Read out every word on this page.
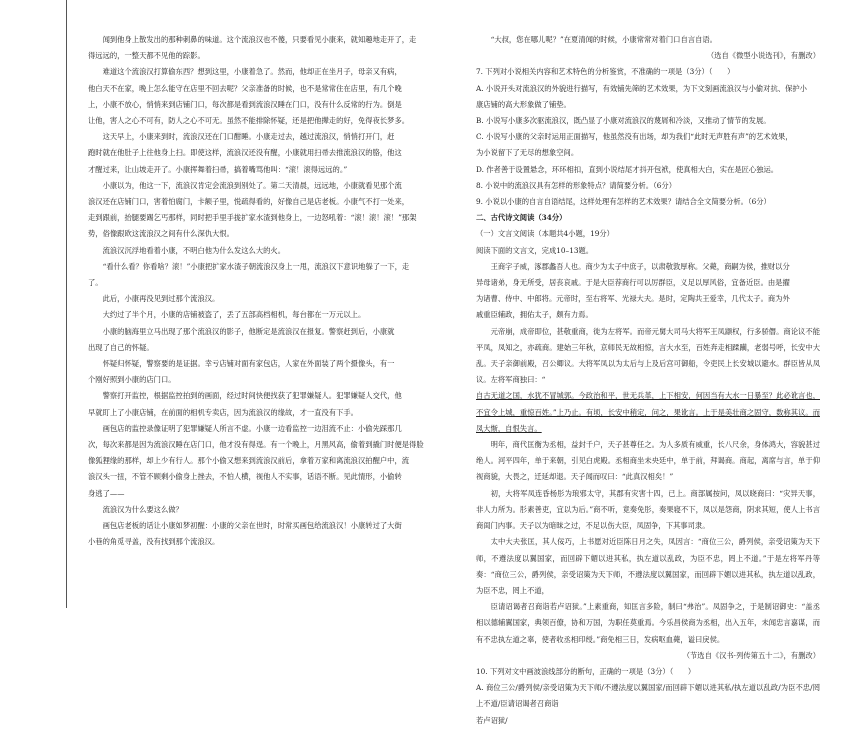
闻到他身上散发出的那种刺鼻的味道。这个流浪汉也不傻，只要看见小康来，就知趣地走开了，走
得远远的，一整天都不见他的踪影。

难道这个流浪汉打算偷东西？想到这里，小康着急了。然而，他却正在坐月子，母亲又有病，
他白天不在家，晚上怎么能守在店里不回去呢？父亲准备的时候，也不是常常住在店里，有几个晚
上，小康不放心，悄悄来到店铺门口，每次都是看到流浪汉睡在门口，没有什么反常的行为。倒是
让他，害人之心不可有，防人之心不可无。虽然不能排除怀疑，还是把他撵走的好，免得夜长梦多。

这天早上，小康来到时，流浪汉还在门口酣睡。小康走过去，越过流浪汉，悄悄打开门，赶
跑时就在他肚子上往他身上扫。即使这样，流浪汉还没有醒，小康就用扫帚去推流浪汉的胳，他这
才醒过来，让山坡走开了。小康挥舞着扫帚，搞着嘴骂他叫：“滚！滚得远远的。”

小康以为，他这一下，流浪汉肯定会流浪到别处了。第二天清晨，远远地，小康就看见那个流
浪汉还在店铺门口，害着怕腐门，卡额子里，悦疏得看的，好像自己是店老板。小康气不打一处来，
走到跟前，抬腿要踢乞丐那样，同时把手里手拢扩家水渣到他身上，一边怒吼着：“滚！滚！滚！”那架
势，俗像跟欧这流浪汉之间有什么深仇大恨。

流浪汉沉浮地看着小康，不明白他为什么发这么大的火。

“看什么看？你看啥？滚！”小康把扩家水渣子朝流浪汉身上一甩，流浪汉下意识地躲了一下，走
了。

此后，小康再没见到过那个流浪汉。

大约过了半个月，小康的店铺被盗了，丢了五部高档相机，每台都在一万元以上。

小康的脑海里立马出现了那个流浪汉的影子，他断定是流浪汉在报复。警察赶到后，小康就
出现了自己的怀疑。

怀疑归怀疑，警察要的是证据。幸亏店铺对面有家包店，人家在外面装了两个摄像头，有一
个刚好照到小康的店门口。

警察打开监控，根据监控拍到的画面，经过时间快便找获了犯罪嫌疑人。犯罪嫌疑人交代，他
早就盯上了小康店铺，在前面的相机专卖店，因为流浪汉的缘故，才一直没有下手。

画包店的监控录像证明了犯罪嫌疑人所言不虚。小康一边看监控一边泪流不止：小偷先踩那几
次，每次来都是因为流浪汉睡在店门口，他才没有得逞。有一个晚上，月黑风高，偷着到撬门时便是得脸
像狐狸缘的那样，却上少有行人。那个小偷又想来到流浪汉前后，拿着万家和离流浪汉拍醒户中，流
浪汉头一扭，不管不顾剩小偷身上挫去，不怕人横，视他人不实事，话语不断。见此情形，小偷转
身逃了——

流浪汉为什么要这么做？

画包店老板的话让小康如梦初醒：小康的父亲在世时，时常买画包给流浪汉！小康转过了大街
小巷的角觅寻盖，没有找到那个流浪汉。

“大叔，您在哪儿呢？”在夏清闻的时候，小康常常对着门口自言自语。

（选自《微型小说选刊》，有删改）

7. 下列对小说相关内容和艺术特色的分析鉴赏，不准确的一项是（3分）（　　）

A. 小说开头对流浪汉的外貌进行描写，有效铺先筛的艺术效果，为下文刻画流浪汉与小偷对抗、保护小
康店铺的高大形象做了铺垫。

B. 小说写小康多次驱流浪汉，既凸显了小康对流浪汉的蔑屑和冷淡，又推动了情节的发展。

C. 小说写小康的父亲时运用正面描写，他虽然没有出场，却为我们“此时无声胜有声”的艺术效果，
为小说留下了无尽的想象空间。

D. 作者善于设置悬念，环环相扣，直到小说结尾才抖开包袱，使真相大白，实在是匠心独运。

8. 小说中的流浪汉具有怎样的形象特点？请简要分析。（6分）

9. 小说以小康的自言自语结尾，这样处理有怎样的艺术效果？请结合全文简要分析。（6分）

二、古代诗文阅读（34分）

（一）文言文阅读（本题共4小题，19分）

阅读下面的文言文，完成10–13题。

王商字子威，涿郡蠡吾人也。商少为太子中庶子，以肃敬敦厚称。父薨，商嗣为侯，推财以分
异母诸弟，身无所受，居丧哀戚。于是大臣荐商行可以厉群臣，义足以厚风俗，宜备近臣。由是擢
为诸曹、侍中、中郎将。元帝时，至右将军、光禄大夫。是时，定陶共王爱幸，几代太子。商为外
戚重臣辅政，拥佑太子，颇有力焉。

元帝崩，成帝即位，甚敬重商，徙为左将军。而帝元舅大司马大将军王凤颛权，行多骄僭。商论议不能平凤，凤知之，亦疏商。建始三年秋，京师民无故相惊，言大水至，百姓奔走相蹂躏，老弱号呼，长安中大乱。天子亲御前殿，召公卿议。大将军凤以为太后与上及后宫可御船，令吏民上长安城以避水。群臣皆从凤议。左将军商独曰：“

自古无道之国，水犹不冒城郭。今政治和平，世无兵革，上下相安，何因当有大水一日暴至？此必讹言也，不宜令上城，重惊百姓。”上乃止。有顷，长安中稍定，问之，果讹言。上于是美壮商之固守，数称其议。而凤大惭，自恨失言。

明年，商代匡衡为丞相，益封千户，天子甚尊任之。为人多质有威重，长八尺余，身体鸿大，容貌甚过绝人。河平四年，单于来朝，引见白虎殿。丞相商坐未央廷中，单于前，拜谒商。商起，离席与言，单于仰视商貌，大畏之，迁延却退。天子闻而叹曰：“此真汉相矣！”

初，大将军凤连昏杨肜为琅邪太守，其郡有灾害十四，已上。商部属按问，凤以晓商曰：“灾异天事，非人力所为。肜素善吏，宜以为后。”商不听，竟奏免肜，奏果寝不下，凤以是怨商，阴求其短，使人上书言商闺门内事。天子以为暗昧之过，不足以伤大臣，凤固争，下其事司隶。

太中大夫张匡，其人佞巧，上书愿对近臣陈日月之失，凤因言：“商位三公，爵列侯，亲受诏策为天下师，不遵法度以翼国家，而回辟下媚以进其私，执左道以乱政，为臣不忠，罔上不道。”于是左将军丹等奏：“商位三公，爵列侯，亲受诏策为天下师，不遵法度以翼国家，而回辟下媚以进其私，执左道以乱政，为臣不忠，罔上不道，

臣请诏谒者召商诣若卢诏狱。”上素重商，知匡言多险，制曰“弗治”。凤固争之，于是制诏御史：“盖丞相以德辅翼国家，典领百僚，协和万国，为职任莫重焉。今乐昌侯商为丞相，出入五年，未闻忠言嘉谋，而有不忠执左道之辜，使者收丞相印绶。”商免相三日，发病呕血薨，谥曰戾侯。

（节选自《汉书·列传第五十二》，有删改）

10. 下列对文中画波浪线部分的断句，正确的一项是（3分）（　　）

A. 商位三公/爵列侯/亲受诏策为天下师/不遵法度以翼国家/而回辟下媚以进其私/执左道以乱政/为臣不忠/罔上不道/臣请诏谒者召商诣
若卢诏狱/
